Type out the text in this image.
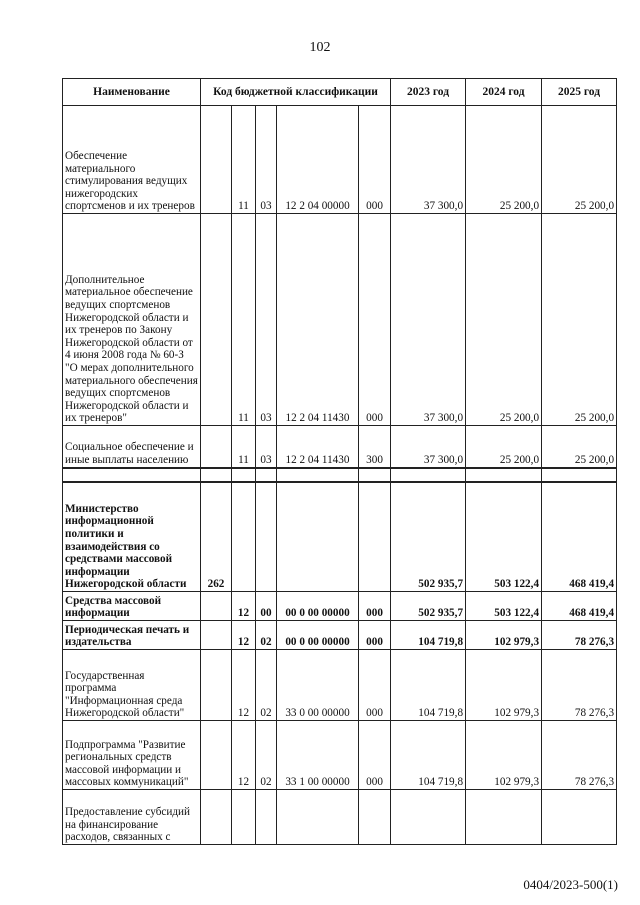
102
Наименование	Код бюджетной классификации					2023 год	2024 год	2025 год
Обеспечение материального стимулирования ведущих нижегородских спортсменов и их тренеров		11	03	12 2 04 00000	000	37 300,0	25 200,0	25 200,0
Дополнительное материальное обеспечение ведущих спортсменов Нижегородской области и их тренеров по Закону Нижегородской области от 4 июня 2008 года № 60-З "О мерах дополнительного материального обеспечения ведущих спортсменов Нижегородской области и их тренеров"		11	03	12 2 04 11430	000	37 300,0	25 200,0	25 200,0
Социальное обеспечение и иные выплаты населению		11	03	12 2 04 11430	300	37 300,0	25 200,0	25 200,0

Министерство информационной политики и взаимодействия со средствами массовой информации Нижегородской области	262					502 935,7	503 122,4	468 419,4
Средства массовой информации		12	00	00 0 00 00000	000	502 935,7	503 122,4	468 419,4
Периодическая печать и издательства		12	02	00 0 00 00000	000	104 719,8	102 979,3	78 276,3
Государственная программа "Информационная среда Нижегородской области"		12	02	33 0 00 00000	000	104 719,8	102 979,3	78 276,3
Подпрограмма "Развитие региональных средств массовой информации и массовых коммуникаций"		12	02	33 1 00 00000	000	104 719,8	102 979,3	78 276,3
Предоставление субсидий на финансирование расходов, связанных с								
0404/2023-500(1)
